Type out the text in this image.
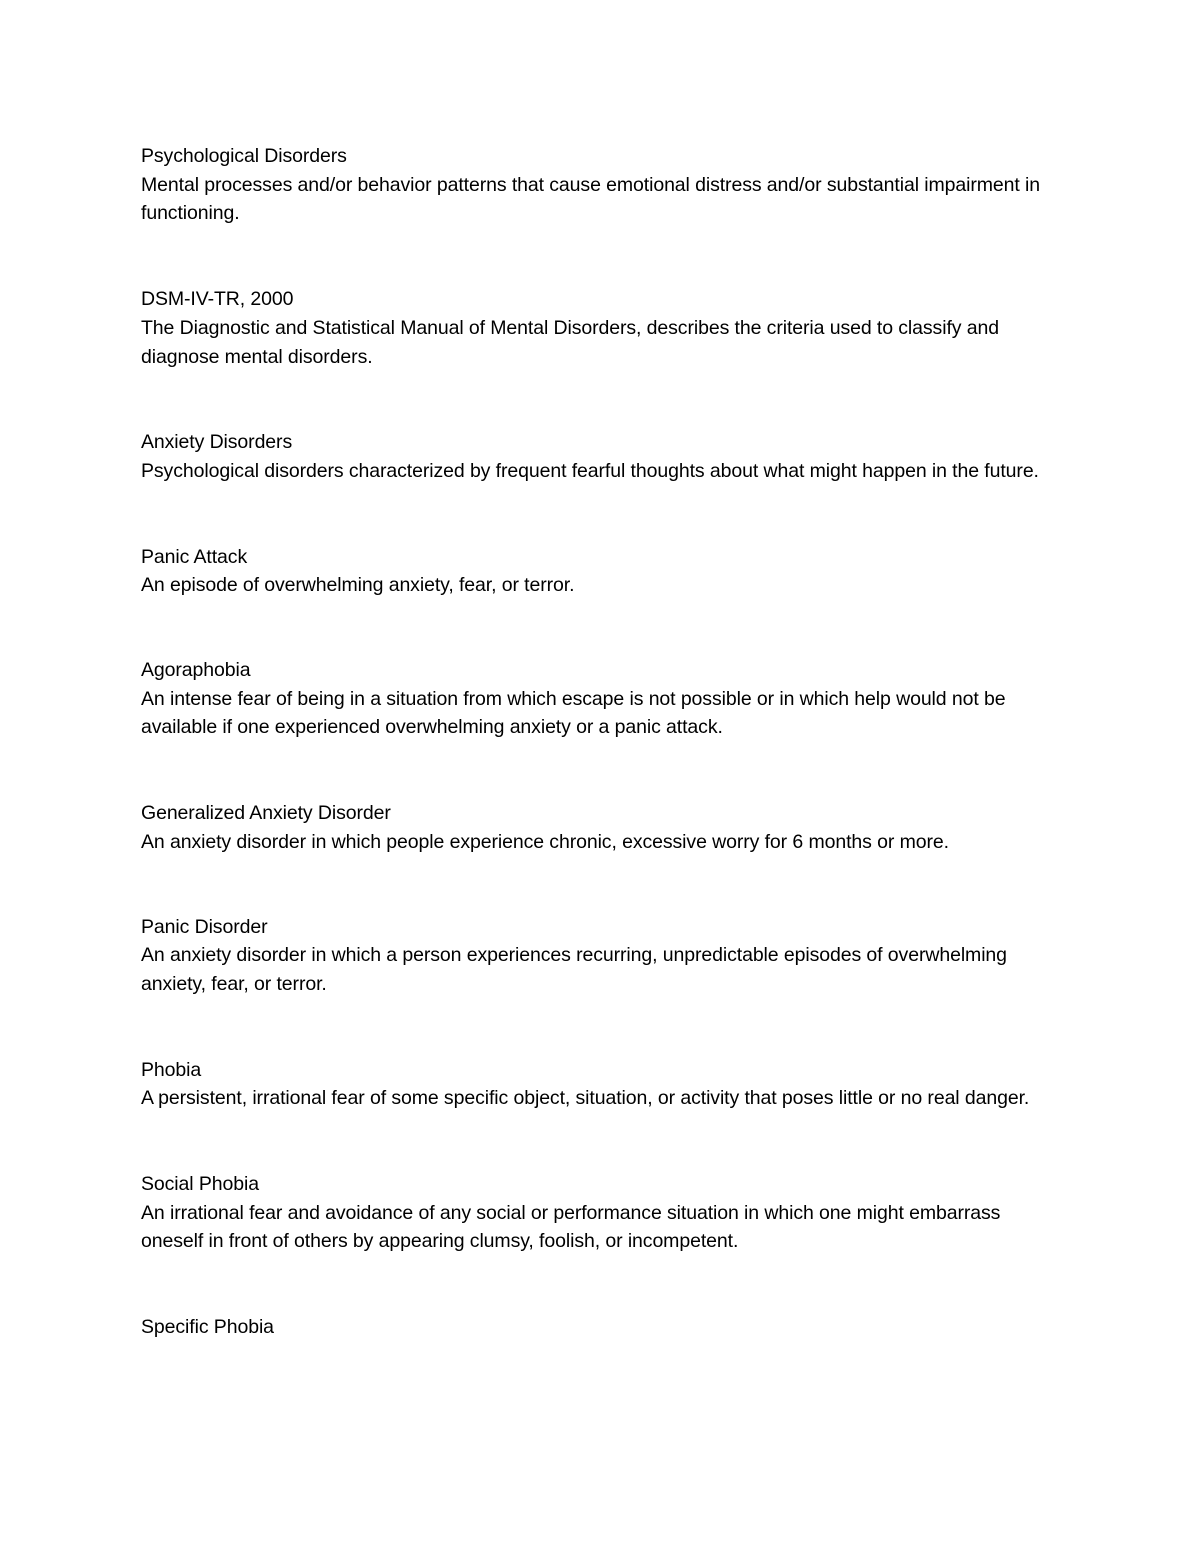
Psychological Disorders
Mental processes and/or behavior patterns that cause emotional distress and/or substantial impairment in functioning.
DSM-IV-TR, 2000
The Diagnostic and Statistical Manual of Mental Disorders, describes the criteria used to classify and diagnose mental disorders.
Anxiety Disorders
Psychological disorders characterized by frequent fearful thoughts about what might happen in the future.
Panic Attack
An episode of overwhelming anxiety, fear, or terror.
Agoraphobia
An intense fear of being in a situation from which escape is not possible or in which help would not be available if one experienced overwhelming anxiety or a panic attack.
Generalized Anxiety Disorder
An anxiety disorder in which people experience chronic, excessive worry for 6 months or more.
Panic Disorder
An anxiety disorder in which a person experiences recurring, unpredictable episodes of overwhelming anxiety, fear, or terror.
Phobia
A persistent, irrational fear of some specific object, situation, or activity that poses little or no real danger.
Social Phobia
An irrational fear and avoidance of any social or performance situation in which one might embarrass oneself in front of others by appearing clumsy, foolish, or incompetent.
Specific Phobia
